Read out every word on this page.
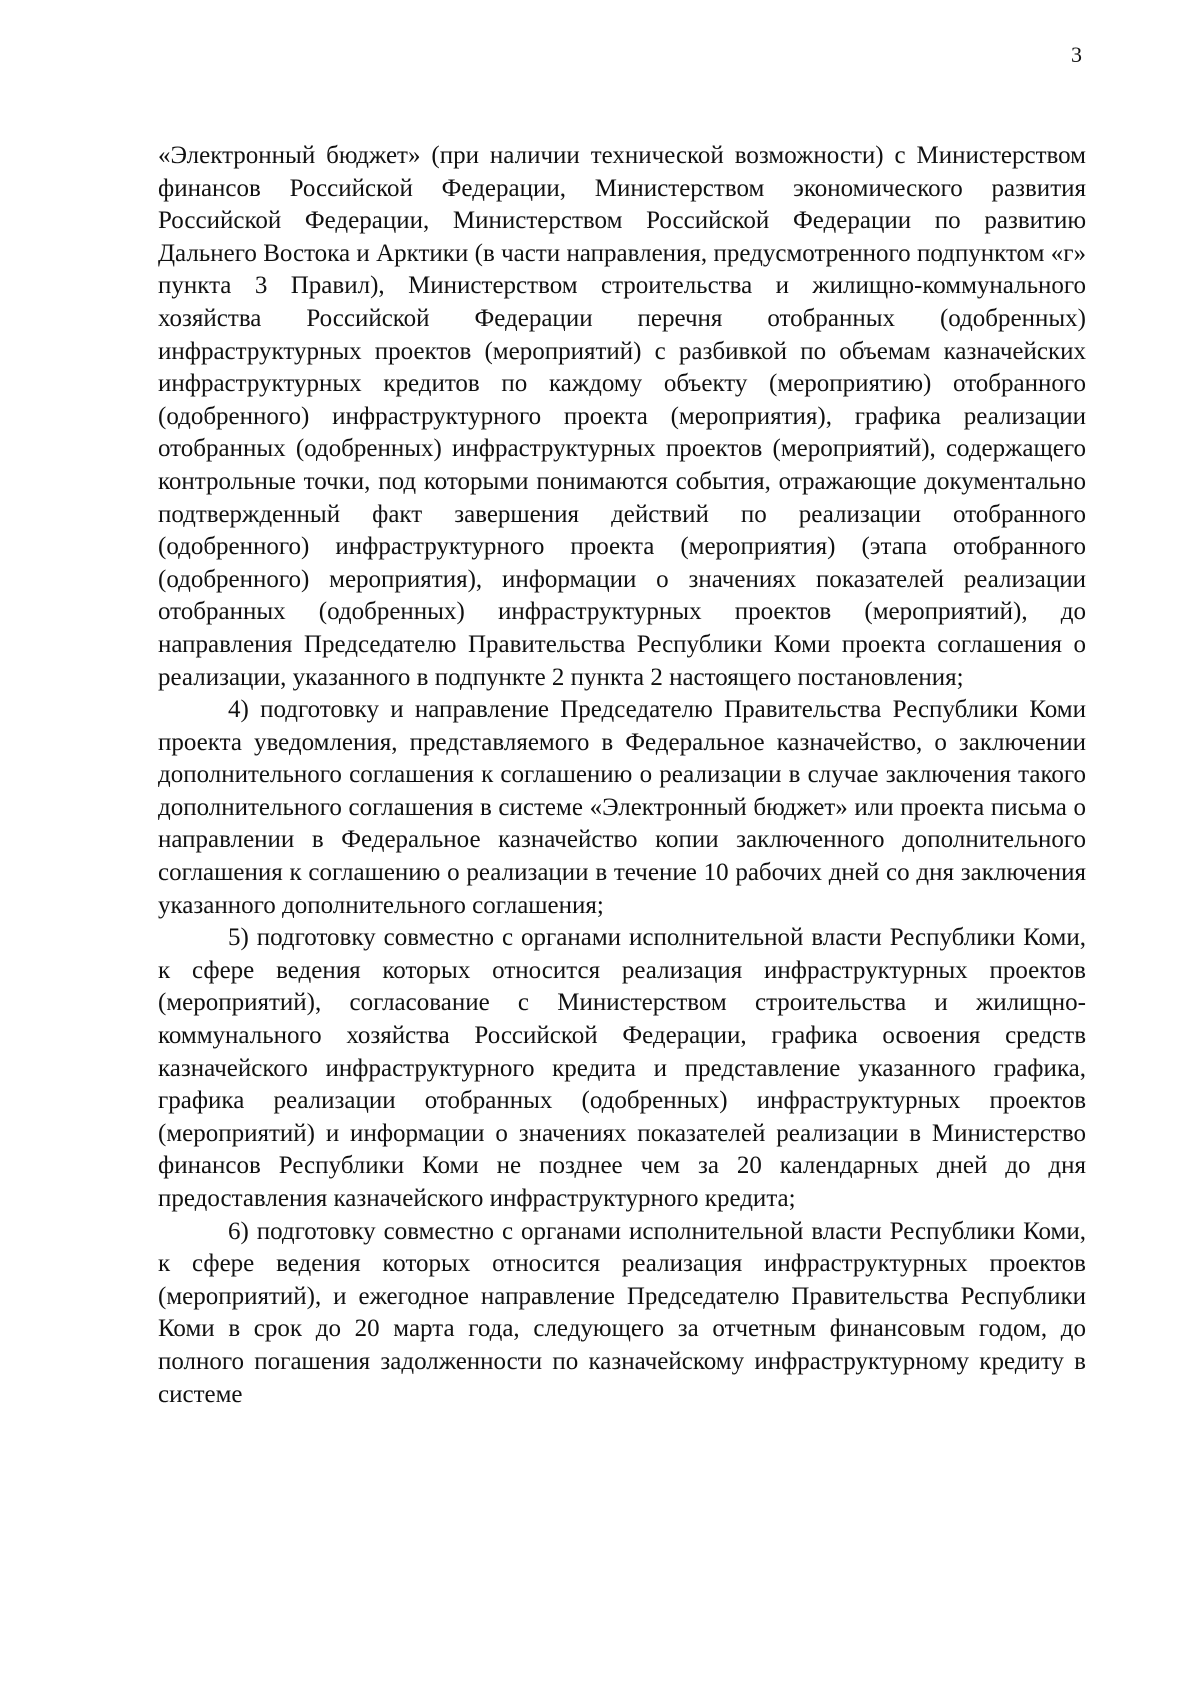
3

«Электронный бюджет» (при наличии технической возможности) с Министерством финансов Российской Федерации, Министерством экономического развития Российской Федерации, Министерством Российской Федерации по развитию Дальнего Востока и Арктики (в части направления, предусмотренного подпунктом «г» пункта 3 Правил), Министерством строительства и жилищно-коммунального хозяйства Российской Федерации перечня отобранных (одобренных) инфраструктурных проектов (мероприятий) с разбивкой по объемам казначейских инфраструктурных кредитов по каждому объекту (мероприятию) отобранного (одобренного) инфраструктурного проекта (мероприятия), графика реализации отобранных (одобренных) инфраструктурных проектов (мероприятий), содержащего контрольные точки, под которыми понимаются события, отражающие документально подтвержденный факт завершения действий по реализации отобранного (одобренного) инфраструктурного проекта (мероприятия) (этапа отобранного (одобренного) мероприятия), информации о значениях показателей реализации отобранных (одобренных) инфраструктурных проектов (мероприятий), до направления Председателю Правительства Республики Коми проекта соглашения о реализации, указанного в подпункте 2 пункта 2 настоящего постановления;

4) подготовку и направление Председателю Правительства Республики Коми проекта уведомления, представляемого в Федеральное казначейство, о заключении дополнительного соглашения к соглашению о реализации в случае заключения такого дополнительного соглашения в системе «Электронный бюджет» или проекта письма о направлении в Федеральное казначейство копии заключенного дополнительного соглашения к соглашению о реализации в течение 10 рабочих дней со дня заключения указанного дополнительного соглашения;

5) подготовку совместно с органами исполнительной власти Республики Коми, к сфере ведения которых относится реализация инфраструктурных проектов (мероприятий), согласование с Министерством строительства и жилищно-коммунального хозяйства Российской Федерации, графика освоения средств казначейского инфраструктурного кредита и представление указанного графика, графика реализации отобранных (одобренных) инфраструктурных проектов (мероприятий) и информации о значениях показателей реализации в Министерство финансов Республики Коми не позднее чем за 20 календарных дней до дня предоставления казначейского инфраструктурного кредита;

6) подготовку совместно с органами исполнительной власти Республики Коми, к сфере ведения которых относится реализация инфраструктурных проектов (мероприятий), и ежегодное направление Председателю Правительства Республики Коми в срок до 20 марта года, следующего за отчетным финансовым годом, до полного погашения задолженности по казначейскому инфраструктурному кредиту в системе
